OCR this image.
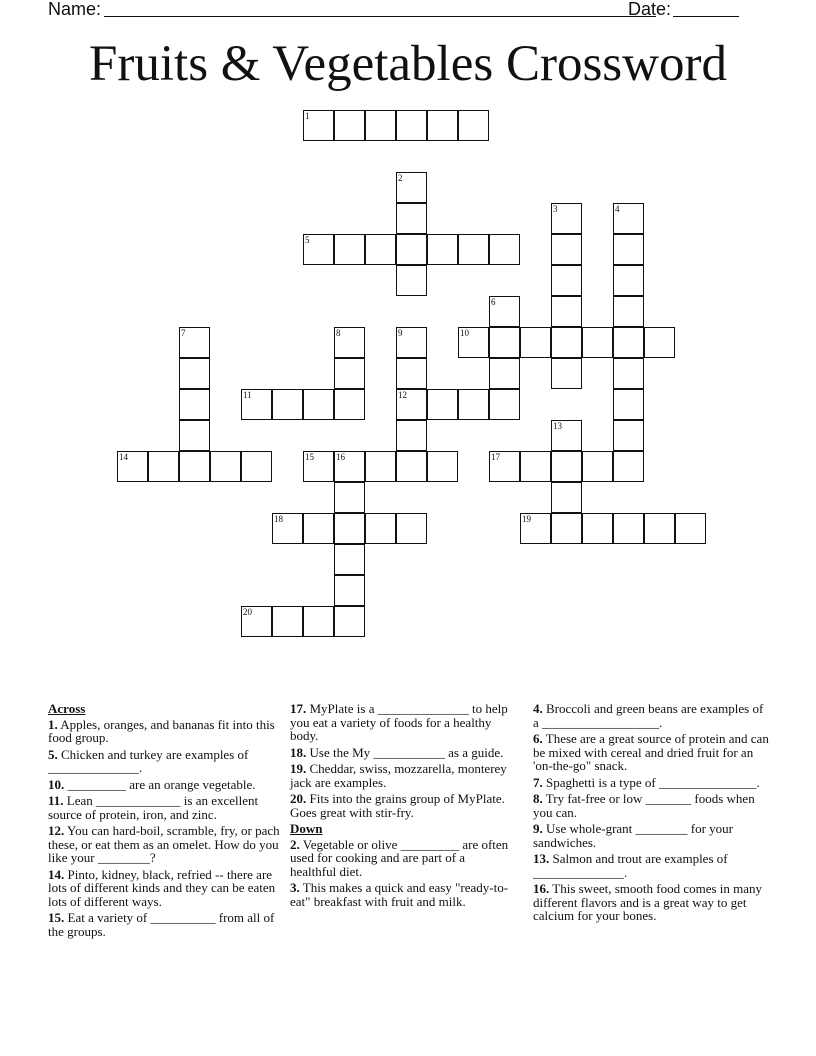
Name:	Date:
Fruits & Vegetables Crossword
1
2
3	4
5
6
7	8	9
12
10
11
13
14	15 16	17
18	19
20
Across
1. Apples, oranges, and bananas fit into this food group.
5. Chicken and turkey are examples of ______________.
10. _________ are an orange vegetable.
11. Lean _____________ is an excellent source of protein, iron, and zinc.
12. You can hard-boil, scramble, fry, or pach these, or eat them as an omelet. How do you like your ________?
14. Pinto, kidney, black, refried -- there are lots of different kinds and they can be eaten lots of different ways.
15. Eat a variety of __________ from all of the groups.
17. MyPlate is a ______________ to help you eat a variety of foods for a healthy body.
18. Use the My ___________ as a guide.
19. Cheddar, swiss, mozzarella, monterey jack are examples.
20. Fits into the grains group of MyPlate. Goes great with stir-fry.
Down
2. Vegetable or olive _________ are often used for cooking and are part of a healthful diet.
3. This makes a quick and easy "ready-to-eat" breakfast with fruit and milk.
4. Broccoli and green beans are examples of a __________________.
6. These are a great source of protein and can be mixed with cereal and dried fruit for an 'on-the-go" snack.
7. Spaghetti is a type of _______________.
8. Try fat-free or low _______ foods when you can.
9. Use whole-grant ________ for your sandwiches.
13. Salmon and trout are examples of ______________.
16. This sweet, smooth food comes in many different flavors and is a great way to get calcium for your bones.
